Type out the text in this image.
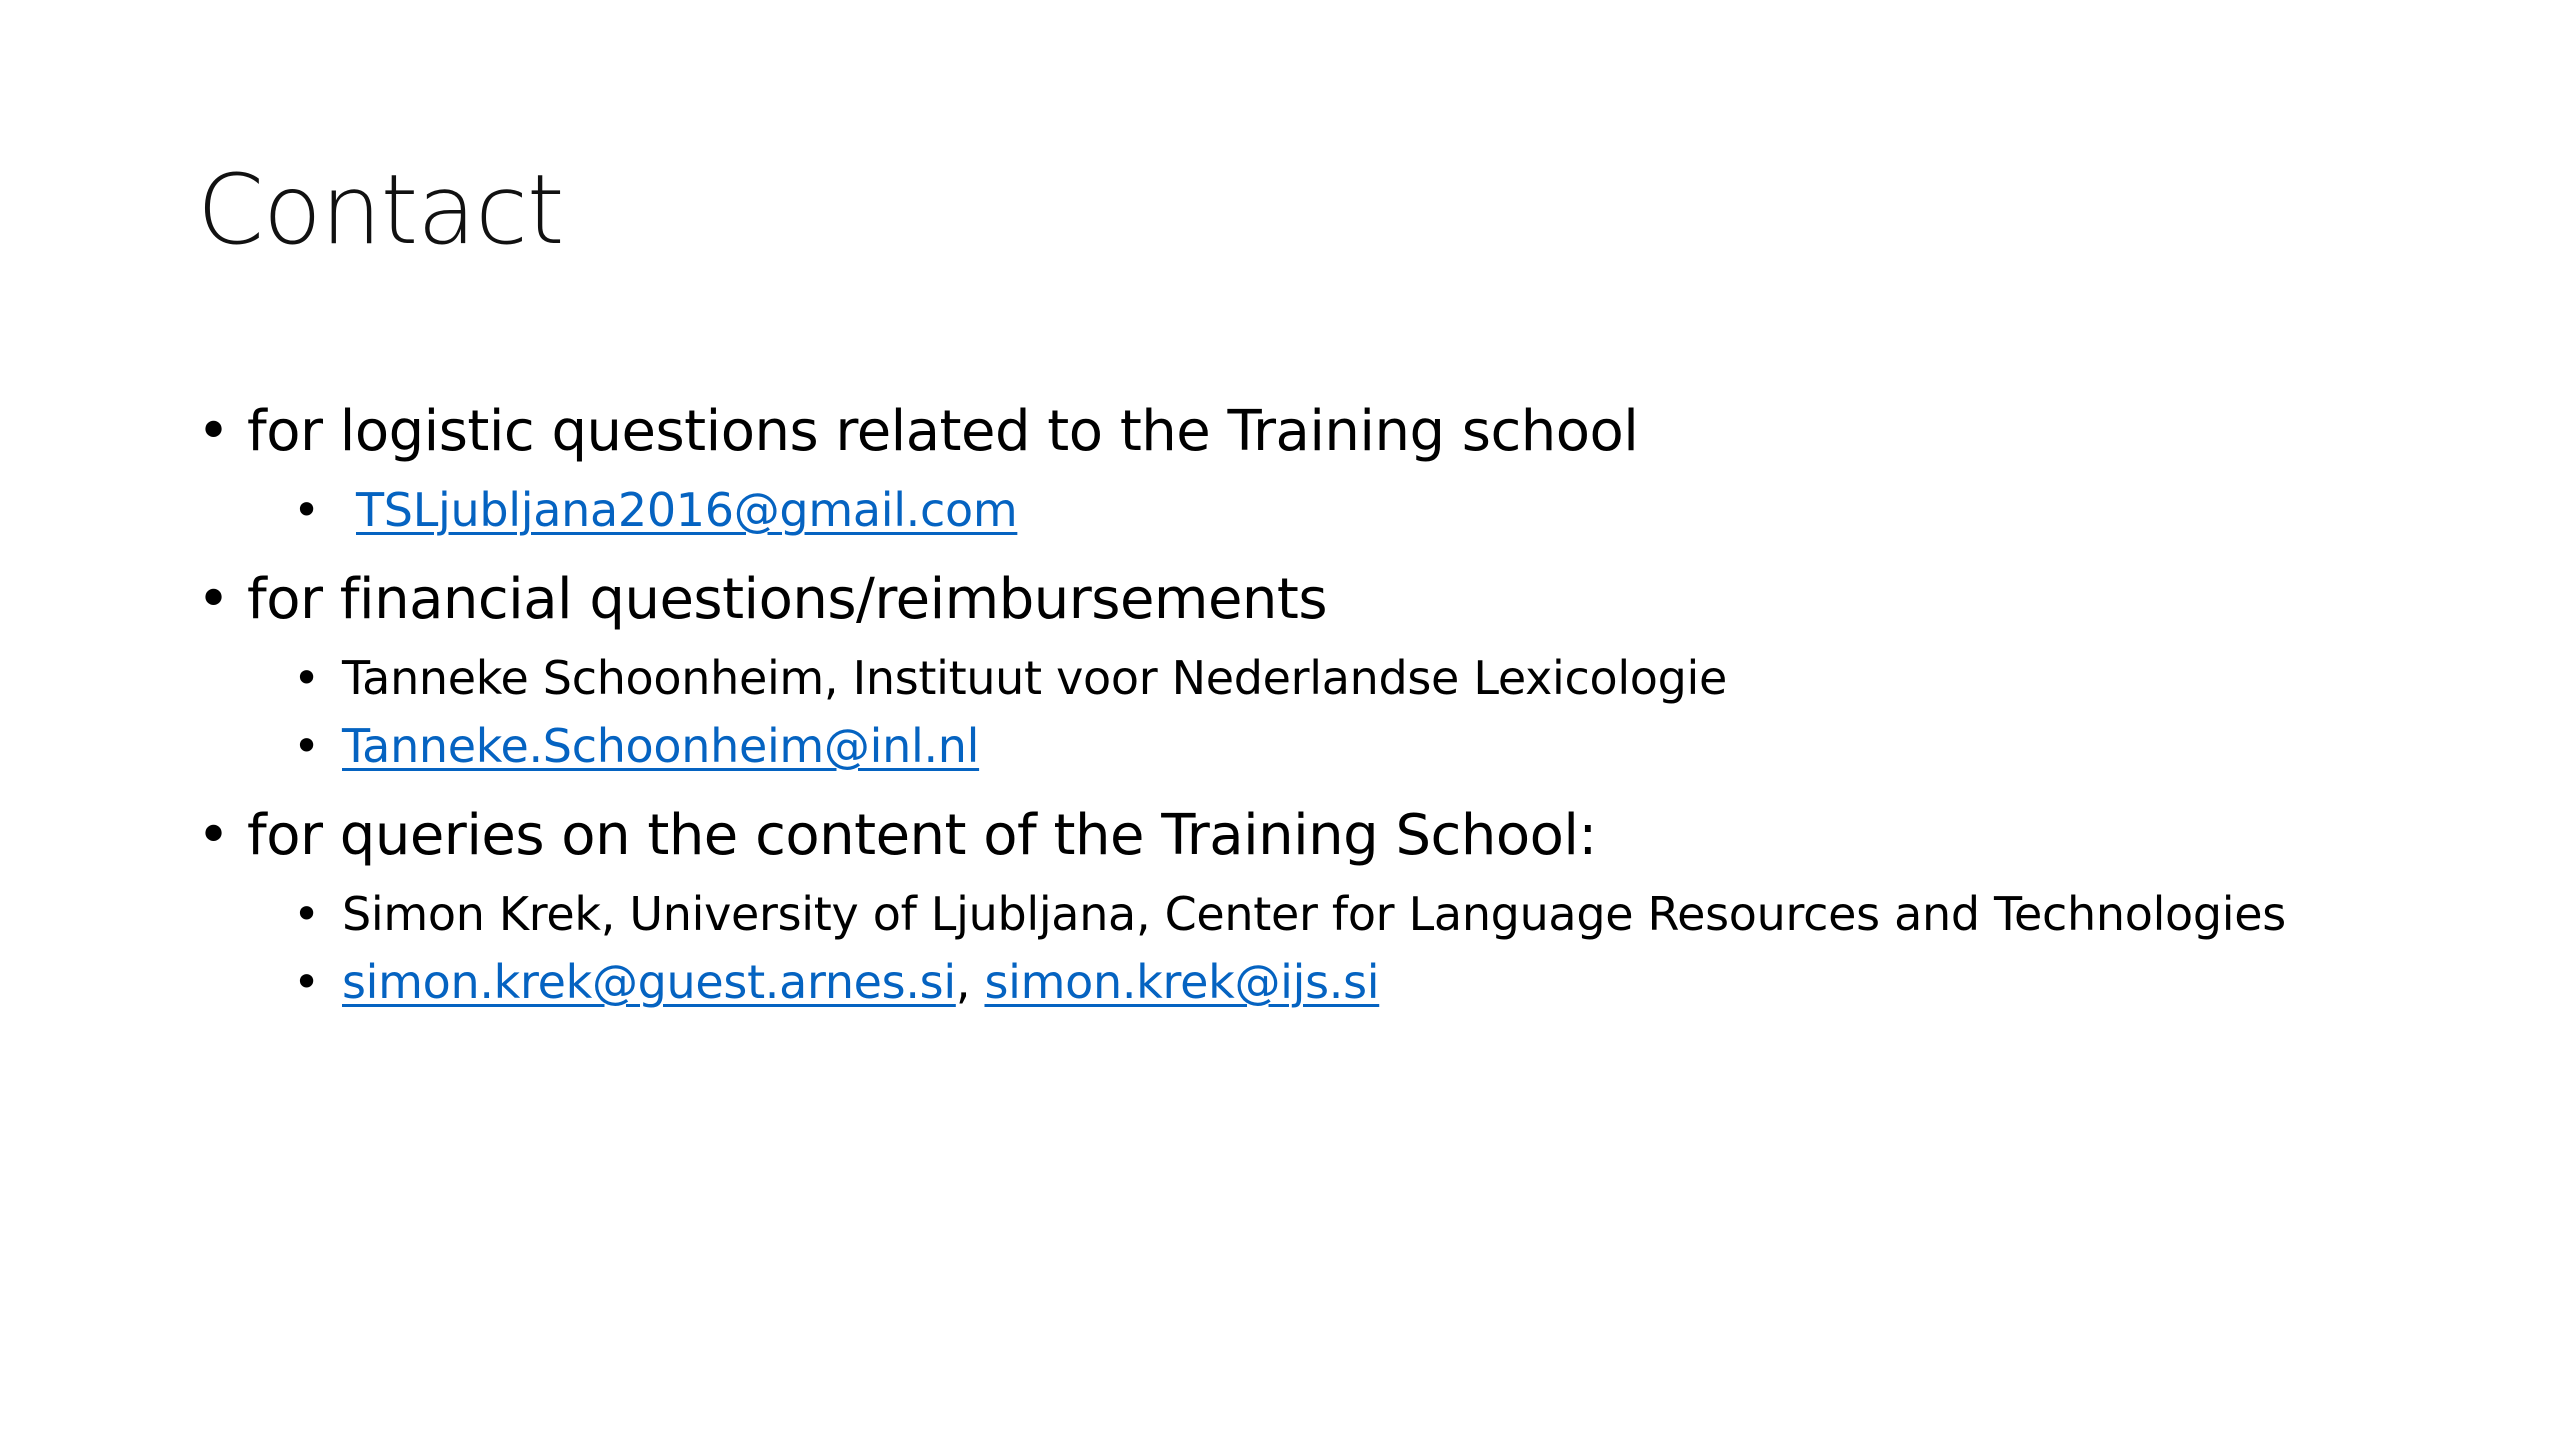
Contact

• for logistic questions related to the Training school

• TSLjubljana2016@gmail.com

• for financial questions/reimbursements

• Tanneke Schoonheim, Instituut voor Nederlandse Lexicologie

• Tanneke.Schoonheim@inl.nl

• for queries on the content of the Training School:

• Simon Krek, University of Ljubljana, Center for Language Resources and Technologies

• simon.krek@guest.arnes.si, simon.krek@ijs.si
